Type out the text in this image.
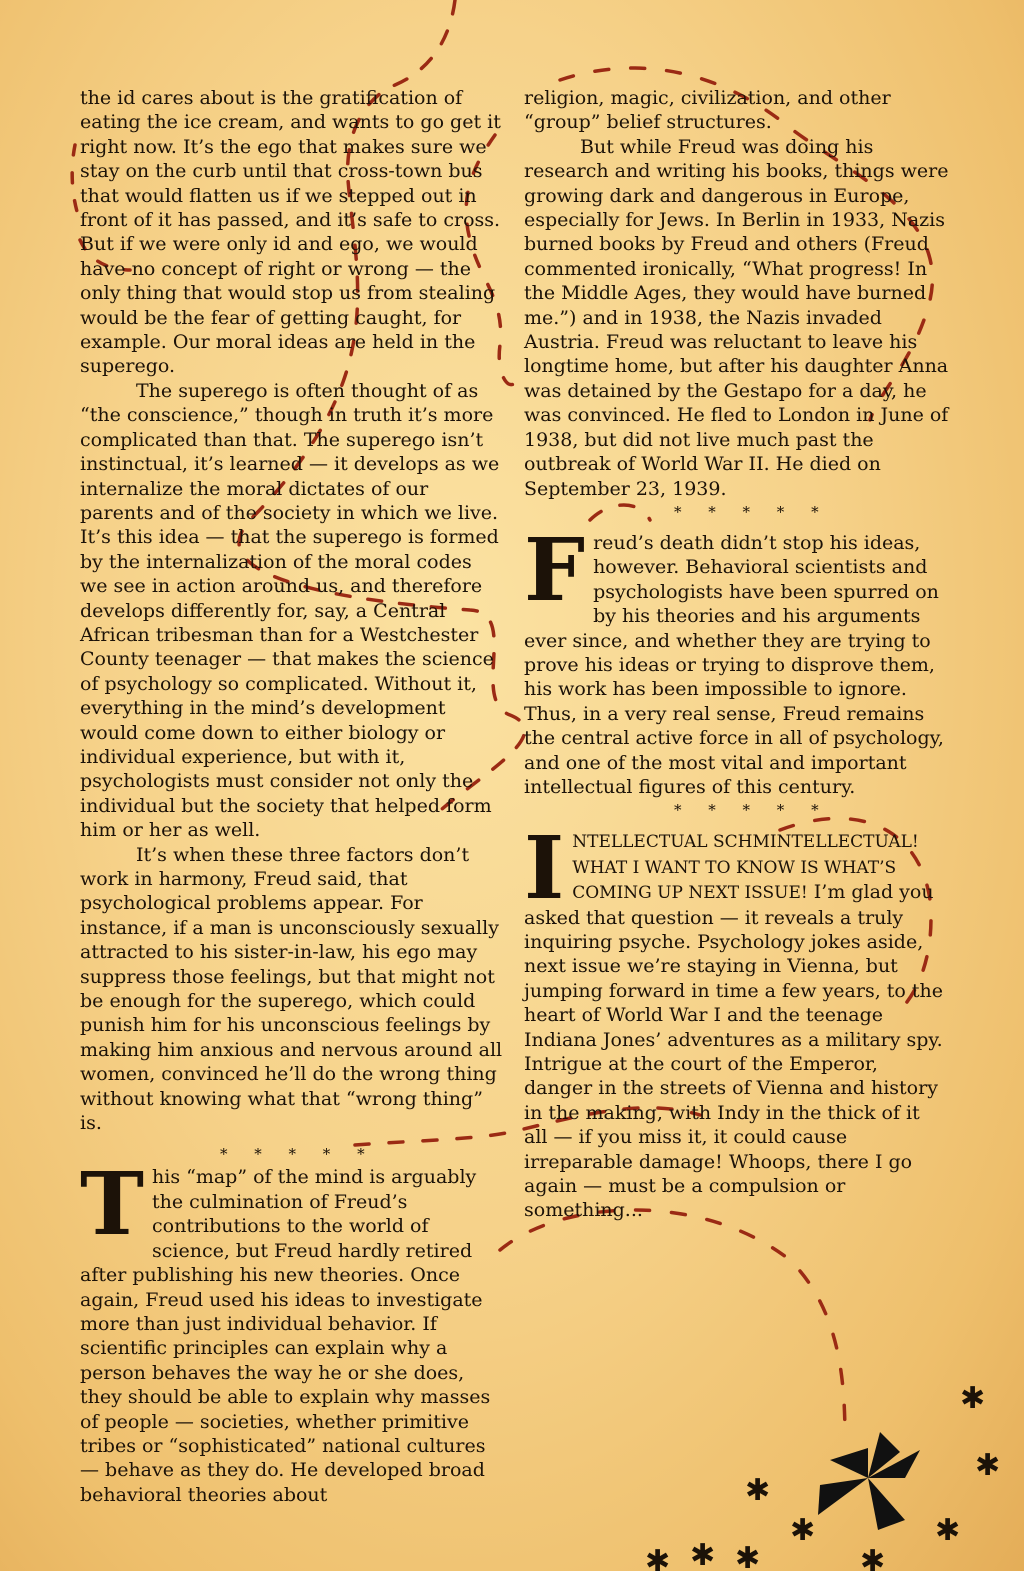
the id cares about is the gratification of eating the ice cream, and wants to go get it right now. It’s the ego that makes sure we stay on the curb until that cross-town bus that would flatten us if we stepped out in front of it has passed, and it’s safe to cross. But if we were only id and ego, we would have no concept of right or wrong — the only thing that would stop us from stealing would be the fear of getting caught, for example. Our moral ideas are held in the superego.

The superego is often thought of as “the conscience,” though in truth it’s more complicated than that. The superego isn’t instinctual, it’s learned — it develops as we internalize the moral dictates of our parents and of the society in which we live. It’s this idea — that the superego is formed by the internalization of the moral codes we see in action around us, and therefore develops differently for, say, a Central African tribesman than for a Westchester County teenager — that makes the science of psychology so complicated. Without it, everything in the mind’s development would come down to either biology or individual experience, but with it, psychologists must consider not only the individual but the society that helped form him or her as well.

It’s when these three factors don’t work in harmony, Freud said, that psychological problems appear. For instance, if a man is unconsciously sexually attracted to his sister-in-law, his ego may suppress those feelings, but that might not be enough for the superego, which could punish him for his unconscious feelings by making him anxious and nervous around all women, convinced he’ll do the wrong thing without knowing what that “wrong thing” is.

* * * * *

This “map” of the mind is arguably the culmination of Freud’s contributions to the world of science, but Freud hardly retired after publishing his new theories. Once again, Freud used his ideas to investigate more than just individual behavior. If scientific principles can explain why a person behaves the way he or she does, they should be able to explain why masses of people — societies, whether primitive tribes or “sophisticated” national cultures — behave as they do. He developed broad behavioral theories about

religion, magic, civilization, and other “group” belief structures.

But while Freud was doing his research and writing his books, things were growing dark and dangerous in Europe, especially for Jews. In Berlin in 1933, Nazis burned books by Freud and others (Freud commented ironically, “What progress! In the Middle Ages, they would have burned me.”) and in 1938, the Nazis invaded Austria. Freud was reluctant to leave his longtime home, but after his daughter Anna was detained by the Gestapo for a day, he was convinced. He fled to London in June of 1938, but did not live much past the outbreak of World War II. He died on September 23, 1939.

* * * * *

Freud’s death didn’t stop his ideas, however. Behavioral scientists and psychologists have been spurred on by his theories and his arguments ever since, and whether they are trying to prove his ideas or trying to disprove them, his work has been impossible to ignore. Thus, in a very real sense, Freud remains the central active force in all of psychology, and one of the most vital and important intellectual figures of this century.

* * * * *

INTELLECTUAL SCHMINTELLECTUAL! WHAT I WANT TO KNOW IS WHAT’S COMING UP NEXT ISSUE! I’m glad you asked that question — it reveals a truly inquiring psyche. Psychology jokes aside, next issue we’re staying in Vienna, but jumping forward in time a few years, to the heart of World War I and the teenage Indiana Jones’ adventures as a military spy. Intrigue at the court of the Emperor, danger in the streets of Vienna and history in the making, with Indy in the thick of it all — if you miss it, it could cause irreparable damage! Whoops, there I go again — must be a compulsion or something...

✱
✱
✱
✱	✱
✱ ✱
✱	✱
